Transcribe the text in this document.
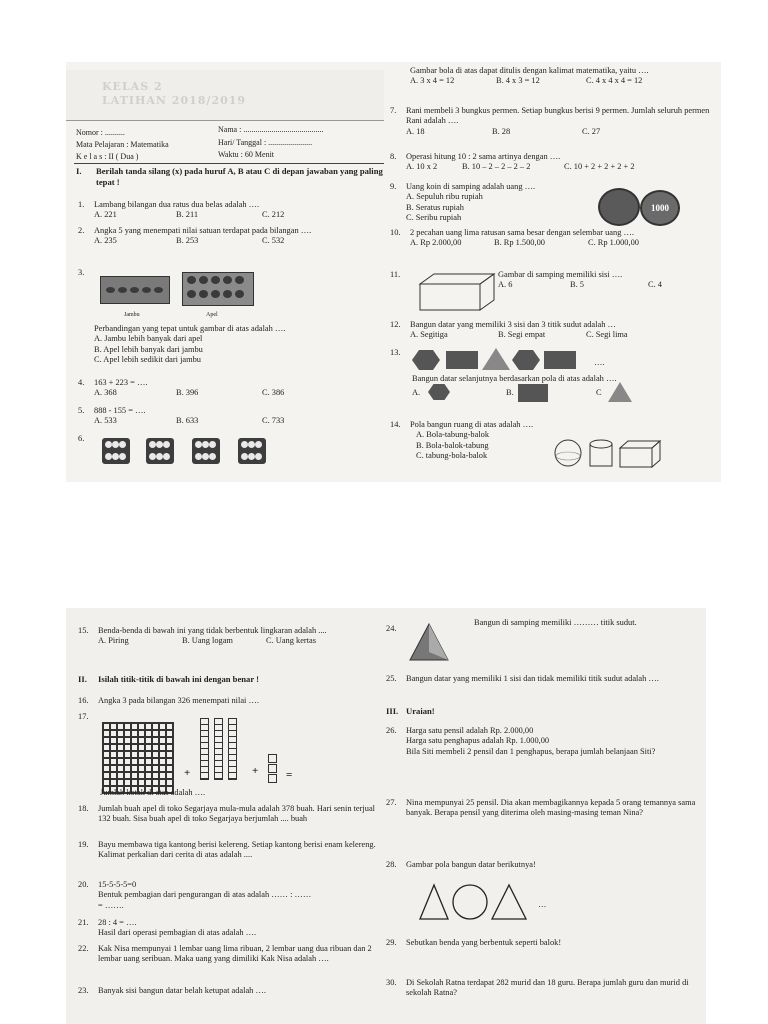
KELAS 2
LATIHAN 2018/2019
Nomor : ..........	Nama : ........................................
Mata Pelajaran : Matematika	Hari/ Tanggal : ......................
K e l a s : II ( Dua )	Waktu : 60 Menit
I. Berilah tanda silang (x) pada huruf A, B atau C di depan jawaban yang paling tepat !
1. Lambang bilangan dua ratus dua belas adalah ….
A. 221	B. 211	C. 212
2. Angka 5 yang menempati nilai satuan terdapat pada bilangan ….
A. 235	B. 253	C. 532
3.
Jambu	Apel
Perbandingan yang tepat untuk gambar di atas adalah ….
A. Jambu lebih banyak dari apel
B. Apel lebih banyak dari jambu
C. Apel lebih sedikit dari jambu
4. 163 + 223 = ….
A. 368	B. 396	C. 386
5. 888 - 155 = ….
A. 533	B. 633	C. 733
6.
Gambar bola di atas dapat ditulis dengan kalimat matematika, yaitu ….
A. 3 x 4 = 12	B. 4 x 3 = 12	C. 4 x 4 x 4 = 12
7. Rani membeli 3 bungkus permen. Setiap bungkus berisi 9 permen. Jumlah seluruh permen Rani adalah ….
A. 18	B. 28	C. 27
8. Operasi hitung 10 : 2 sama artinya dengan ….
A. 10 x 2	B. 10 – 2 – 2 – 2 – 2	C. 10 + 2 + 2 + 2 + 2
9. Uang koin di samping adalah uang ….
A. Sepuluh ribu rupiah
B. Seratus rupiah
C. Seribu rupiah
1000
10. 2 pecahan uang lima ratusan sama besar dengan selembar uang ….
A. Rp 2.000,00	B. Rp 1.500,00	C. Rp 1.000,00
11.	Gambar di samping memiliki sisi ….
A. 6	B. 5	C. 4
12. Bangun datar yang memiliki 3 sisi dan 3 titik sudut adalah …
A. Segitiga	B. Segi empat	C. Segi lima
13.
….
Bangun datar selanjutnya berdasarkan pola di atas adalah ….
A.	B.	C
14. Pola bangun ruang di atas adalah ….
A. Bola-tabung-balok
B. Bola-balok-tabung
C. tabung-bola-balok
15. Benda-benda di bawah ini yang tidak berbentuk lingkaran adalah ....
A. Piring	B. Uang logam	C. Uang kertas
II. Isilah titik-titik di bawah ini dengan benar !
16. Angka 3 pada bilangan 326 menempati nilai ….
17.
+	+	=
Jumlah kotak di atas adalah ….
18. Jumlah buah apel di toko Segarjaya mula-mula adalah 378 buah. Hari senin terjual 132 buah. Sisa buah apel di toko Segarjaya berjumlah .... buah
19. Bayu membawa tiga kantong berisi kelereng. Setiap kantong berisi enam kelereng. Kalimat perkalian dari cerita di atas adalah ....
20. 15-5-5-5=0
Bentuk pembagian dari pengurangan di atas adalah …… : ……
= …….
21. 28 : 4 = ….
Hasil dari operasi pembagian di atas adalah ….
22. Kak Nisa mempunyai 1 lembar uang lima ribuan, 2 lembar uang dua ribuan dan 2 lembar uang seribuan. Maka uang yang dimiliki Kak Nisa adalah ….
23. Banyak sisi bangun datar belah ketupat adalah ….
24.
Bangun di samping memiliki ……… titik sudut.
25. Bangun datar yang memiliki 1 sisi dan tidak memiliki titik sudut adalah ….
III. Uraian!
26. Harga satu pensil adalah Rp. 2.000,00
Harga satu penghapus adalah Rp. 1.000,00
Bila Siti membeli 2 pensil dan 1 penghapus, berapa jumlah belanjaan Siti?
27. Nina mempunyai 25 pensil. Dia akan membagikannya kepada 5 orang temannya sama banyak. Berapa pensil yang diterima oleh masing-masing teman Nina?
28. Gambar pola bangun datar berikutnya!
…
29. Sebutkan benda yang berbentuk seperti balok!
30. Di Sekolah Ratna terdapat 282 murid dan 18 guru. Berapa jumlah guru dan murid di sekolah Ratna?
